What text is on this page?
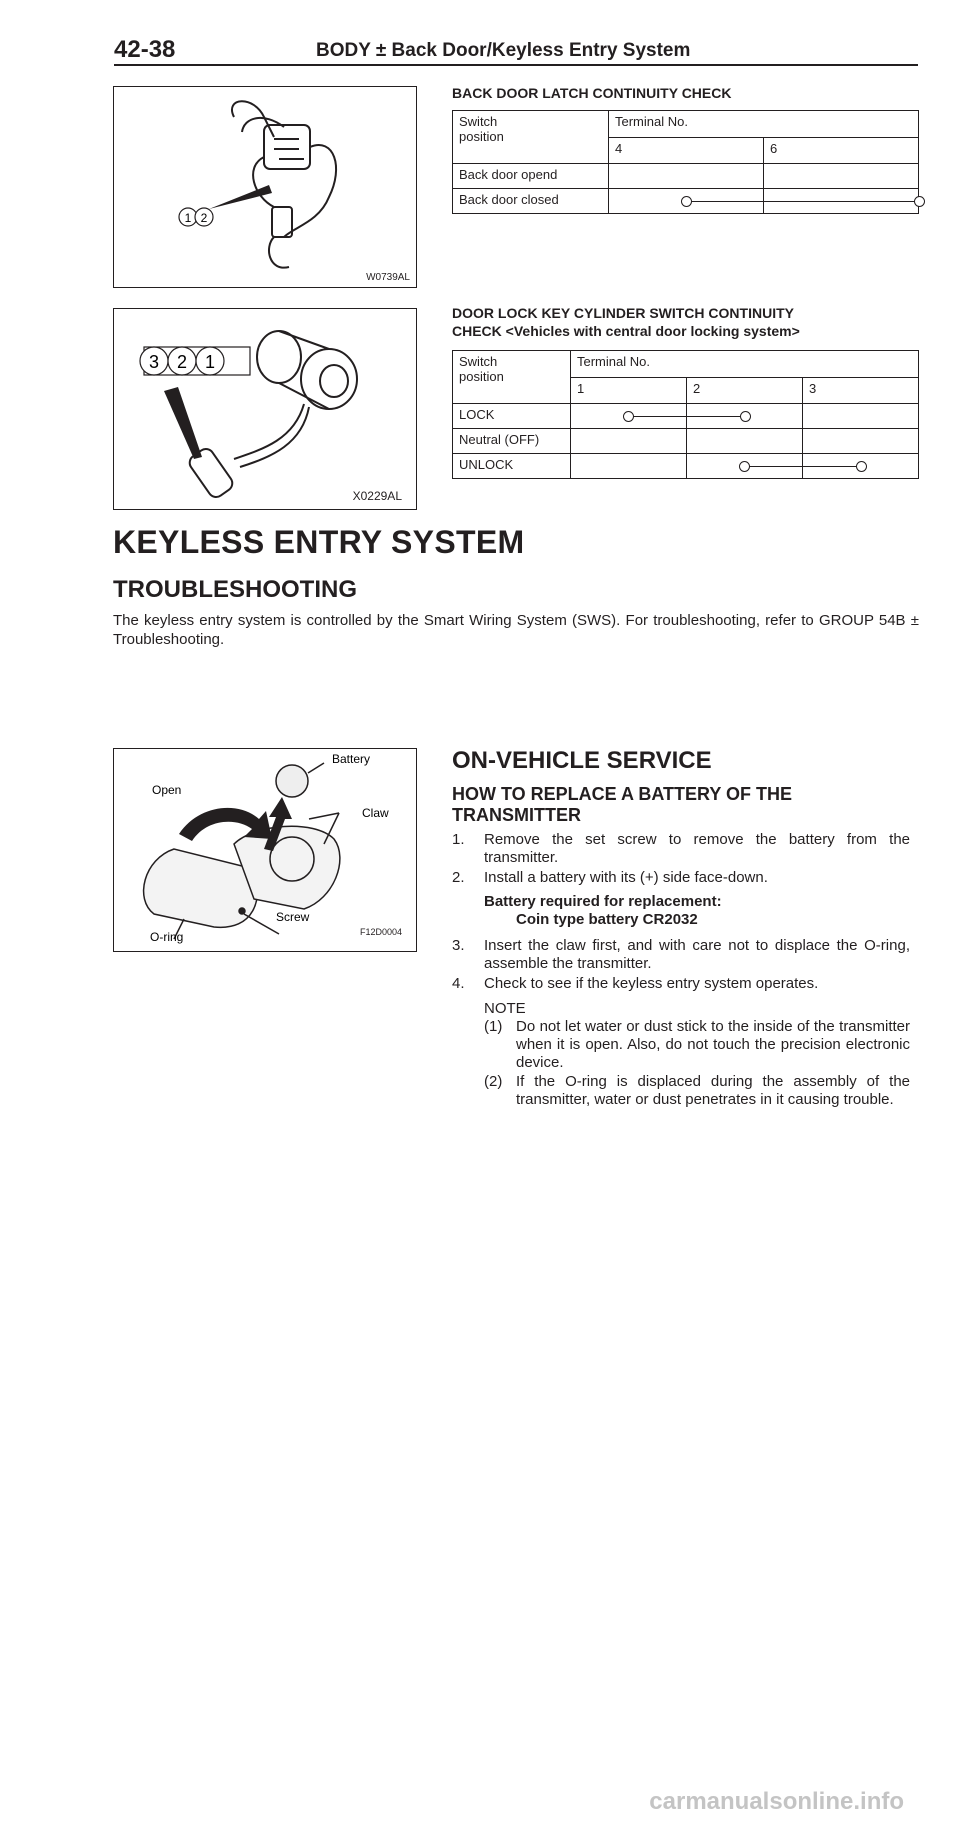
42-38	BODY ± Back Door/Keyless Entry System
1 2
W0739AL
BACK DOOR LATCH CONTINUITY CHECK
Switch
position	Terminal No.	
	4	6
Back door opend		
Back door closed	

3 2 1
X0229AL
DOOR LOCK KEY CYLINDER SWITCH CONTINUITY
CHECK <Vehicles with central door locking system>
Switch
position	Terminal No.		
	1	2	3
LOCK	

Neutral (OFF)			
UNLOCK		

KEYLESS ENTRY SYSTEM
TROUBLESHOOTING
The keyless entry system is controlled by the Smart Wiring System (SWS). For troubleshooting, refer to GROUP 54B ± Troubleshooting.
Battery
Open
Claw
Screw
O-ring	F12D0004
ON-VEHICLE SERVICE
HOW TO REPLACE A BATTERY OF THE
TRANSMITTER
1. Remove the set screw to remove the battery from the transmitter.
2. Install a battery with its (+) side face-down.
Battery required for replacement:
Coin type battery CR2032
3. Insert the claw first, and with care not to displace the O-ring, assemble the transmitter.
4. Check to see if the keyless entry system operates.
NOTE
(1) Do not let water or dust stick to the inside of the transmitter when it is open. Also, do not touch the precision electronic device.
(2) If the O-ring is displaced during the assembly of the transmitter, water or dust penetrates in it causing trouble.
carmanualsonline.info
